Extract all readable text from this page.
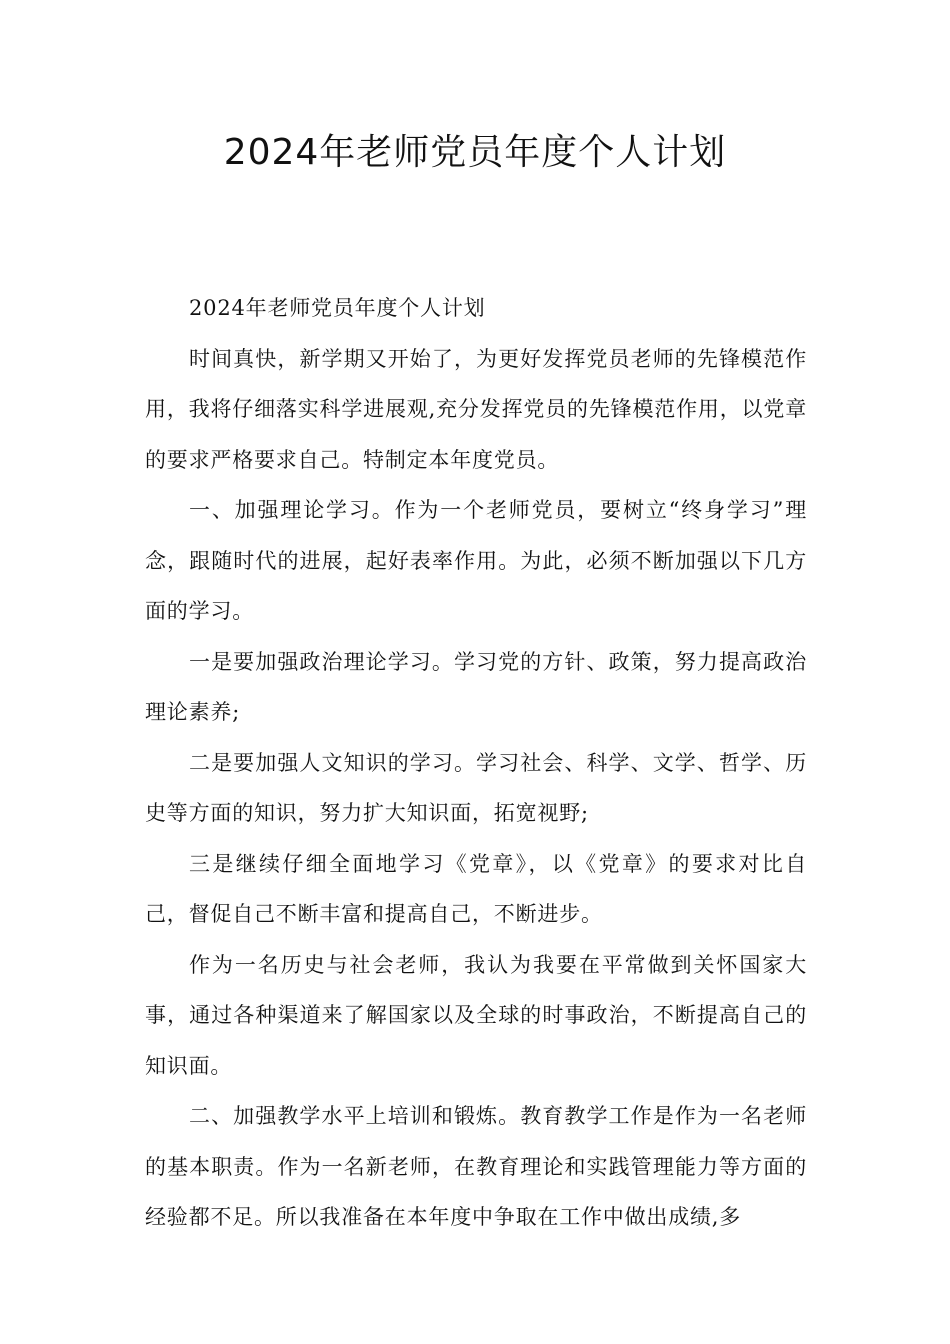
2024年老师党员年度个人计划

2024年老师党员年度个人计划

时间真快，新学期又开始了，为更好发挥党员老师的先锋模范作用，我将仔细落实科学进展观,充分发挥党员的先锋模范作用，以党章的要求严格要求自己。特制定本年度党员。

一、加强理论学习。作为一个老师党员，要树立“终身学习”理念，跟随时代的进展，起好表率作用。为此，必须不断加强以下几方面的学习。

一是要加强政治理论学习。学习党的方针、政策，努力提高政治理论素养;

二是要加强人文知识的学习。学习社会、科学、文学、哲学、历史等方面的知识，努力扩大知识面，拓宽视野;

三是继续仔细全面地学习《党章》，以《党章》的要求对比自己，督促自己不断丰富和提高自己，不断进步。

作为一名历史与社会老师，我认为我要在平常做到关怀国家大事，通过各种渠道来了解国家以及全球的时事政治，不断提高自己的知识面。

二、加强教学水平上培训和锻炼。教育教学工作是作为一名老师的基本职责。作为一名新老师，在教育理论和实践管理能力等方面的经验都不足。所以我准备在本年度中争取在工作中做出成绩,多
